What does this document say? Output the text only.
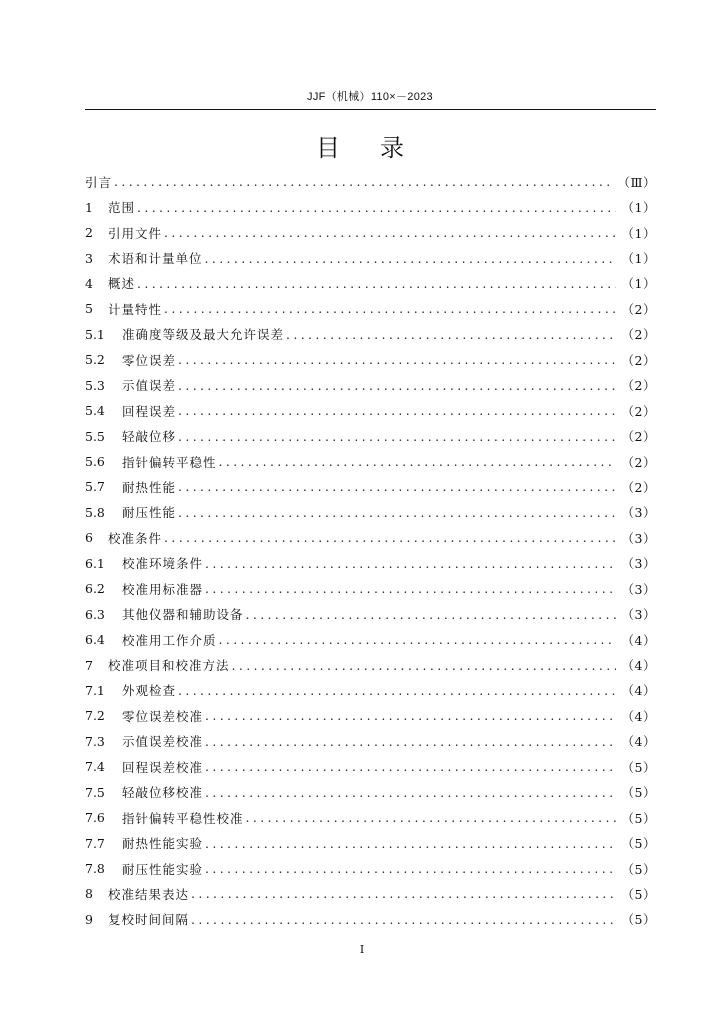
JJF（机械）110×－2023
目 录
引言 . . .	（Ⅲ）
1	范围 . . .	（1）
2	引用文件 . . .	（1）
3	术语和计量单位 . . .	（1）
4	概述 . . .	（1）
5	计量特性 . . .	（2）
5.1	准确度等级及最大允许误差 . . .	（2）
5.2	零位误差 . . .	（2）
5.3	示值误差 . . .	（2）
5.4	回程误差 . . .	（2）
5.5	轻敲位移 . . .	（2）
5.6	指针偏转平稳性 . . .	（2）
5.7	耐热性能 . . .	（2）
5.8	耐压性能 . . .	（3）
6	校准条件 . . .	（3）
6.1	校准环境条件 . . .	（3）
6.2	校准用标准器 . . .	（3）
6.3	其他仪器和辅助设备 . . .	（3）
6.4	校准用工作介质 . . .	（4）
7	校准项目和校准方法 . . .	（4）
7.1	外观检查 . . .	（4）
7.2	零位误差校准 . . .	（4）
7.3	示值误差校准 . . .	（4）
7.4	回程误差校准 . . .	（5）
7.5	轻敲位移校准 . . .	（5）
7.6	指针偏转平稳性校准 . . .	（5）
7.7	耐热性能实验 . . .	（5）
7.8	耐压性能实验 . . .	（5）
8	校准结果表达 . . .	（5）
9	复校时间间隔 . . .	（5）
I
